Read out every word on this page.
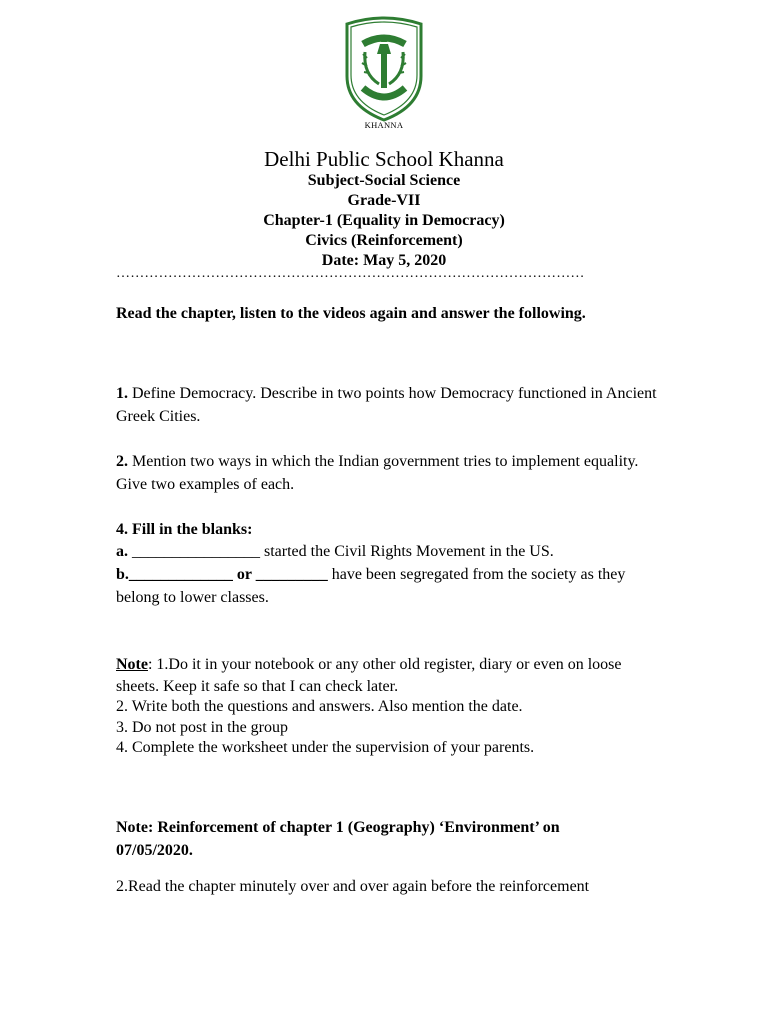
KHANNA
Delhi Public School Khanna
Subject-Social Science
Grade-VII
Chapter-1 (Equality in Democracy)
Civics (Reinforcement)
Date: May 5, 2020
………………………………………………………………………………………
Read the chapter, listen to the videos again and answer the following.
1. Define Democracy. Describe in two points how Democracy functioned in Ancient Greek Cities.
2. Mention two ways in which the Indian government tries to implement equality. Give two examples of each.
4. Fill in the blanks:
a. ________________ started the Civil Rights Movement in the US.
b._____________ or _________ have been segregated from the society as they belong to lower classes.
Note: 1.Do it in your notebook or any other old register, diary or even on loose sheets. Keep it safe so that I can check later.
2. Write both the questions and answers. Also mention the date.
3. Do not post in the group
4. Complete the worksheet under the supervision of your parents.
Note: Reinforcement of chapter 1 (Geography) ‘Environment’ on 07/05/2020.
2.Read the chapter minutely over and over again before the reinforcement
